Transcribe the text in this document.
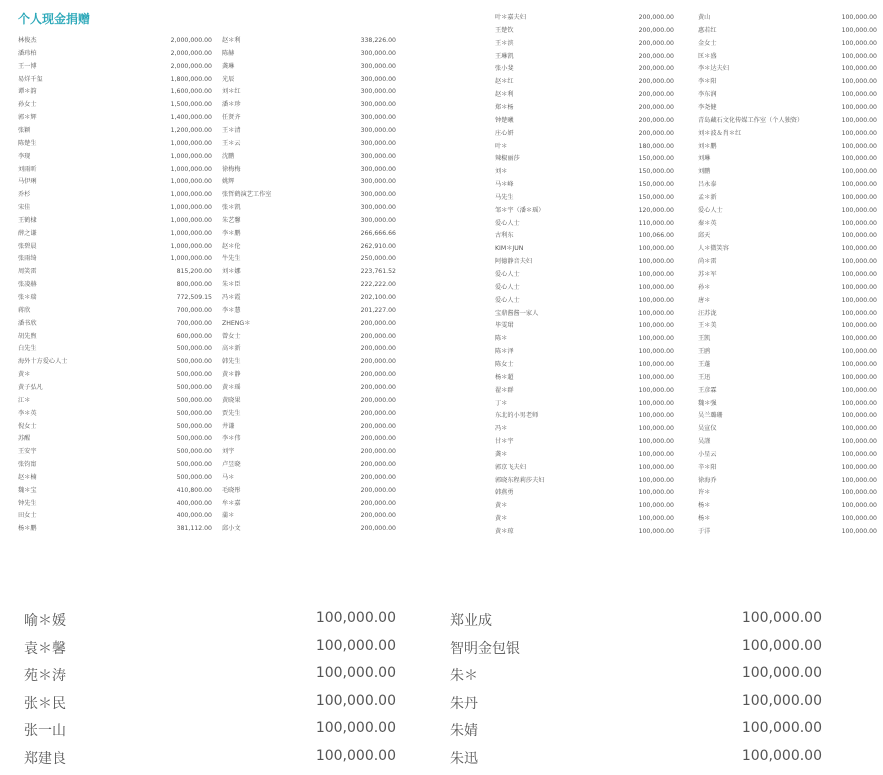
个人现金捐赠
林俊杰	2,000,000.00
潘玮柏	2,000,000.00
王一博	2,000,000.00
易烊千玺	1,800,000.00
谭＊韵	1,600,000.00
孙女士	1,500,000.00
郭＊辉	1,400,000.00
张颖	1,200,000.00
陈楚生	1,000,000.00
李现	1,000,000.00
刘雨昕	1,000,000.00
马伊琍	1,000,000.00
乔杉	1,000,000.00
宋佳	1,000,000.00
王鹤棣	1,000,000.00
薛之谦	1,000,000.00
张碧晨	1,000,000.00
张雨绮	1,000,000.00
周笑雷	815,200.00
张凌赫	800,000.00
张＊瑞	772,509.15
蒋欣	700,000.00
潘书欣	700,000.00
胡先煦	600,000.00
白先生	500,000.00
海外十方爱心人士	500,000.00
黄＊	500,000.00
黄子弘凡	500,000.00
江＊	500,000.00
李＊英	500,000.00
倪女士	500,000.00
苏醒	500,000.00
王安宇	500,000.00
张钧甯	500,000.00
赵＊楠	500,000.00
魏＊宝	410,800.00
钟先生	400,000.00
田女士	400,000.00
杨＊鹏	381,112.00
赵＊利	338,226.00
陈赫	300,000.00
龚琳	300,000.00
光辰	300,000.00
刘＊红	300,000.00
潘＊珍	300,000.00
任贤齐	300,000.00
王＊清	300,000.00
王＊云	300,000.00
沈鹏	300,000.00
徐梅梅	300,000.00
姚辉	300,000.00
张哲鹤演艺工作室	300,000.00
张＊凯	300,000.00
朱艺馨	300,000.00
李＊鹏	266,666.66
赵＊伦	262,910.00
牛先生	250,000.00
刘＊娜	223,761.52
朱＊臣	222,222.00
冯＊霞	202,100.00
李＊慧	201,227.00
ZHENG＊	200,000.00
曾女士	200,000.00
高＊新	200,000.00
韩先生	200,000.00
黄＊静	200,000.00
黄＊瑶	200,000.00
黄晓果	200,000.00
贾先生	200,000.00
井谦	200,000.00
李＊伟	200,000.00
刘宇	200,000.00
卢昱晓	200,000.00
马＊	200,000.00
毛晓彤	200,000.00
牟＊嘉	200,000.00
蒲＊	200,000.00
邱小文	200,000.00
叶＊嘉夫妇	200,000.00
王楚钦	200,000.00
王＊滨	200,000.00
王琳凯	200,000.00
张小斐	200,000.00
赵＊红	200,000.00
赵＊利	200,000.00
郑＊杨	200,000.00
钟楚曦	200,000.00
庄心妍	200,000.00
叶＊	180,000.00
辣椒丽莎	150,000.00
刘＊	150,000.00
马＊峰	150,000.00
马先生	150,000.00
邹＊宇（潘＊瑶）	120,000.00
爱心人士	110,000.00
古利东	100,066.00
KIM＊JUN	100,000.00
阿德静音夫妇	100,000.00
爱心人士	100,000.00
爱心人士	100,000.00
爱心人士	100,000.00
宝鼎酱酱一家人	100,000.00
毕雯珺	100,000.00
陈＊	100,000.00
陈＊泽	100,000.00
陈女士	100,000.00
杨＊超	100,000.00
翟＊群	100,000.00
丁＊	100,000.00
东北的小男老师	100,000.00
冯＊	100,000.00
甘＊宇	100,000.00
龚＊	100,000.00
郭京飞夫妇	100,000.00
郭晓东程莉莎夫妇	100,000.00
韩燕勇	100,000.00
黄＊	100,000.00
黄＊	100,000.00
黄＊琼	100,000.00
黄山	100,000.00
惠若红	100,000.00
金女士	100,000.00
匡＊盛	100,000.00
李＊达夫妇	100,000.00
李＊阳	100,000.00
李东润	100,000.00
李尧健	100,000.00
青岛藏石文化传媒工作室（个人独资）	100,000.00
刘＊波＆肖＊红	100,000.00
刘＊鹏	100,000.00
刘琳	100,000.00
刘鹏	100,000.00
吕永泰	100,000.00
孟＊新	100,000.00
爱心人士	100,000.00
秦＊英	100,000.00
邱天	100,000.00
人＊微笑容	100,000.00
尚＊雷	100,000.00
苏＊军	100,000.00
孙＊	100,000.00
唐＊	100,000.00
汪苏泷	100,000.00
王＊美	100,000.00
王凯	100,000.00
王鸥	100,000.00
王蓬	100,000.00
王迅	100,000.00
王彦霖	100,000.00
魏＊强	100,000.00
吴兰璐珊	100,000.00
吴宣仪	100,000.00
吴謹	100,000.00
小星云	100,000.00
辛＊阳	100,000.00
徐海乔	100,000.00
许＊	100,000.00
杨＊	100,000.00
杨＊	100,000.00
于洋	100,000.00
喻＊媛	100,000.00
袁＊馨	100,000.00
苑＊涛	100,000.00
张＊民	100,000.00
张一山	100,000.00
郑建良	100,000.00
郑业成	100,000.00
智明金包银	100,000.00
朱＊	100,000.00
朱丹	100,000.00
朱婧	100,000.00
朱迅	100,000.00
